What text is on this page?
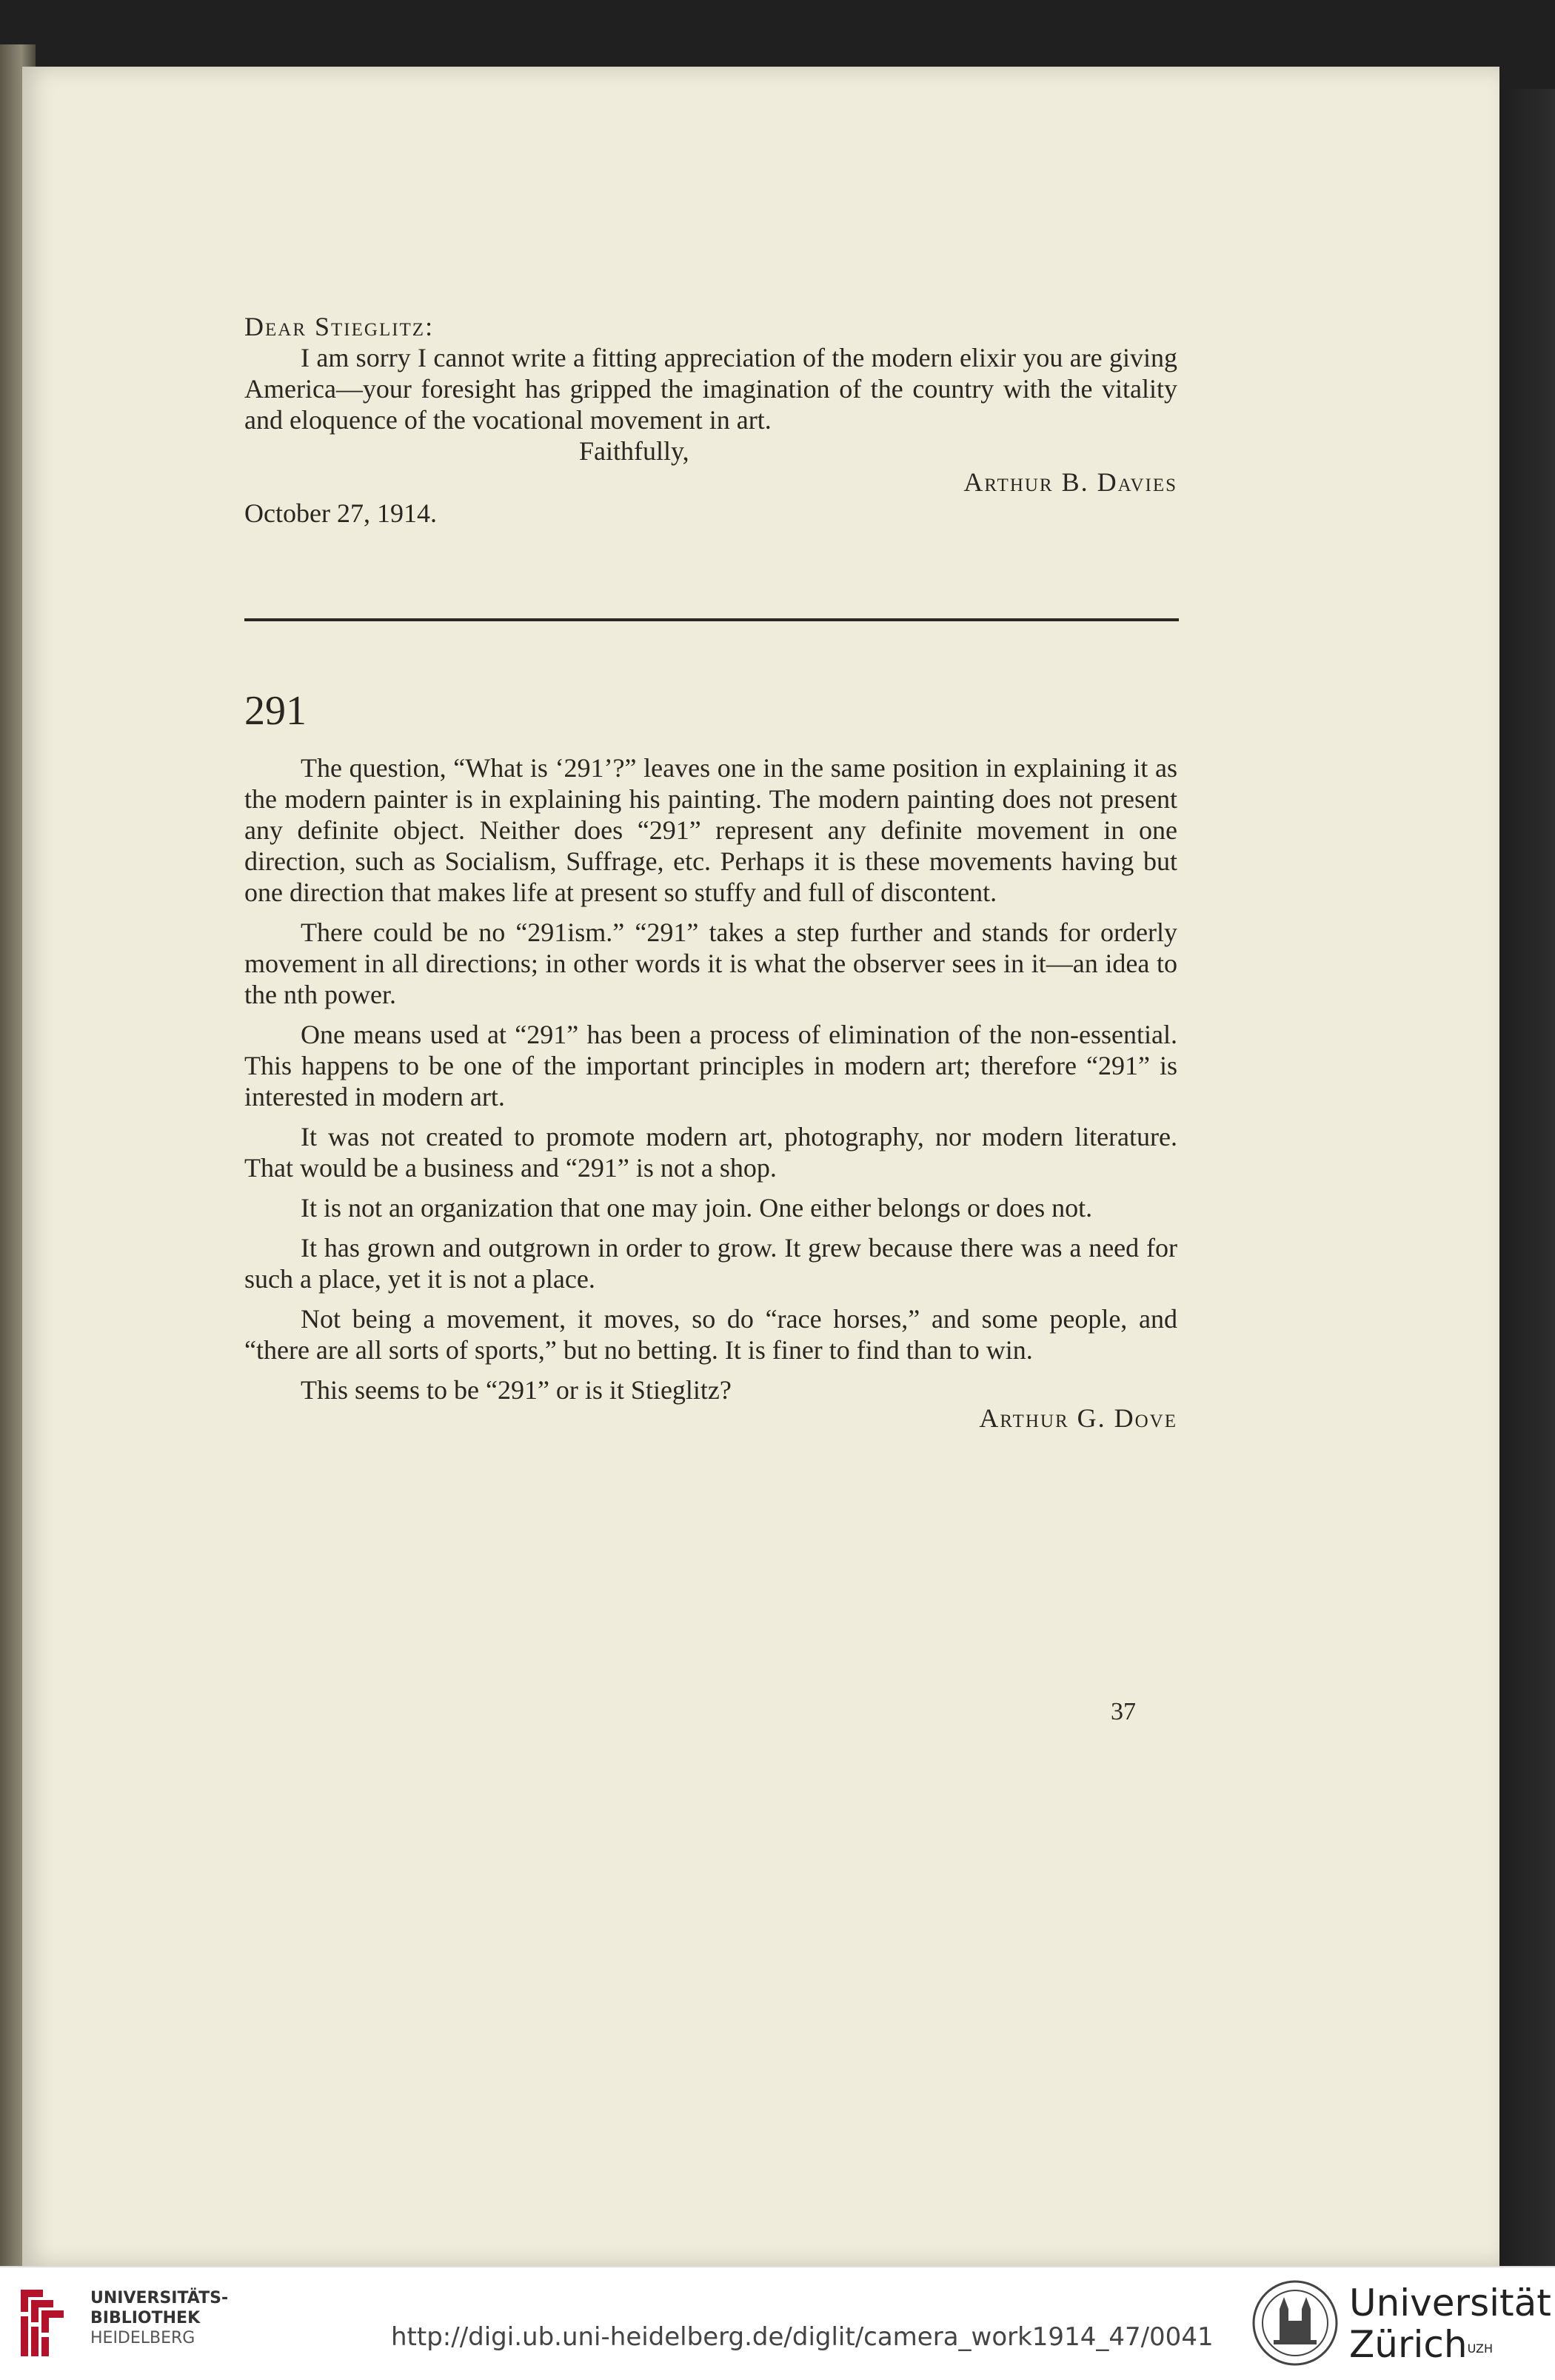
Dear Stieglitz:

I am sorry I cannot write a fitting appreciation of the modern elixir you are giving America—your foresight has gripped the imagination of the country with the vitality and eloquence of the vocational movement in art.

Faithfully,

Arthur B. Davies

October 27, 1914.

291

The question, “What is ‘291’?” leaves one in the same position in explaining it as the modern painter is in explaining his painting. The modern painting does not present any definite object. Neither does “291” represent any definite movement in one direction, such as Socialism, Suffrage, etc. Perhaps it is these movements having but one direction that makes life at present so stuffy and full of discontent.

There could be no “291ism.” “291” takes a step further and stands for orderly movement in all directions; in other words it is what the observer sees in it—an idea to the nth power.

One means used at “291” has been a process of elimination of the non-essential. This happens to be one of the important principles in modern art; therefore “291” is interested in modern art.

It was not created to promote modern art, photography, nor modern literature. That would be a business and “291” is not a shop.

It is not an organization that one may join. One either belongs or does not.

It has grown and outgrown in order to grow. It grew because there was a need for such a place, yet it is not a place.

Not being a movement, it moves, so do “race horses,” and some people, and “there are all sorts of sports,” but no betting. It is finer to find than to win.

This seems to be “291” or is it Stieglitz?

Arthur G. Dove

37
UNIVERSITÄTS-
BIBLIOTHEK
HEIDELBERG	http://digi.ub.uni-heidelberg.de/diglit/camera_work1914_47/0041
Universität
Zürich$^{UZH}$
